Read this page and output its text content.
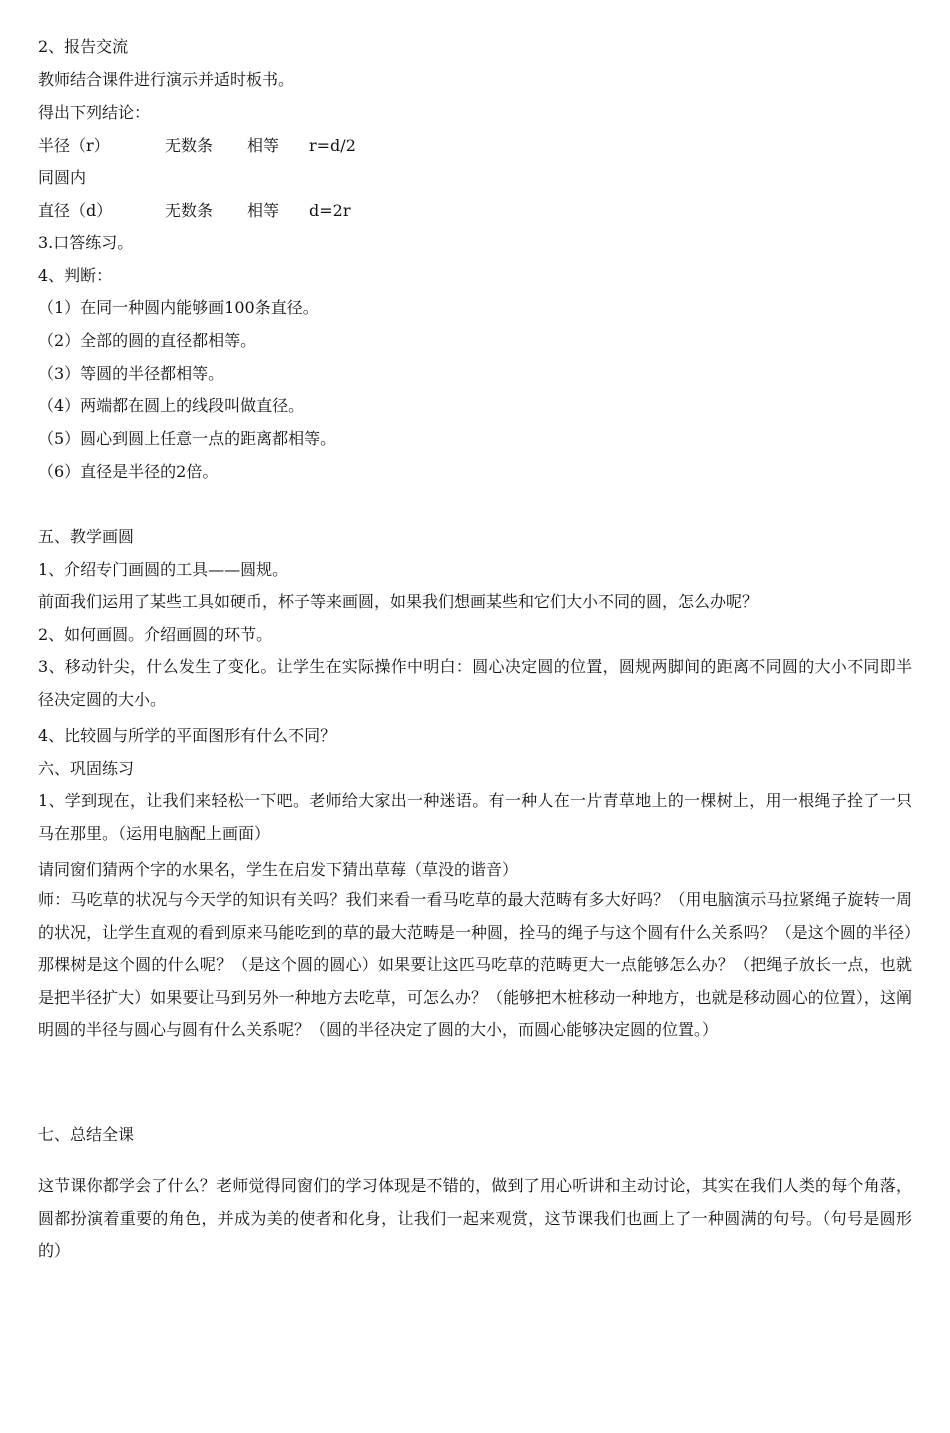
2、报告交流
教师结合课件进行演示并适时板书。
得出下列结论：
半径（r）	无数条 相等 r=d/2
同圆内
直径（d）	无数条 相等 d=2r
3.口答练习。
4、判断：
（1）在同一种圆内能够画100条直径。
（2）全部的圆的直径都相等。
（3）等圆的半径都相等。
（4）两端都在圆上的线段叫做直径。
（5）圆心到圆上任意一点的距离都相等。
（6）直径是半径的2倍。
五、教学画圆
1、介绍专门画圆的工具——圆规。
前面我们运用了某些工具如硬币，杯子等来画圆，如果我们想画某些和它们大小不同的圆，怎么办呢？
2、如何画圆。介绍画圆的环节。

3、移动针尖，什么发生了变化。让学生在实际操作中明白：圆心决定圆的位置，圆规两脚间的距离不同圆的大小不同即半径决定圆的大小。

4、比较圆与所学的平面图形有什么不同？
六、巩固练习

1、学到现在，让我们来轻松一下吧。老师给大家出一种迷语。有一种人在一片青草地上的一棵树上，用一根绳子拴了一只马在那里。（运用电脑配上画面）

请同窗们猜两个字的水果名，学生在启发下猜出草莓（草没的谐音）

师：马吃草的状况与今天学的知识有关吗？我们来看一看马吃草的最大范畴有多大好吗？（用电脑演示马拉紧绳子旋转一周的状况，让学生直观的看到原来马能吃到的草的最大范畴是一种圆，拴马的绳子与这个圆有什么关系吗？（是这个圆的半径）那棵树是这个圆的什么呢？（是这个圆的圆心）如果要让这匹马吃草的范畴更大一点能够怎么办？（把绳子放长一点，也就是把半径扩大）如果要让马到另外一种地方去吃草，可怎么办？（能够把木桩移动一种地方，也就是移动圆心的位置），这阐明圆的半径与圆心与圆有什么关系呢？（圆的半径决定了圆的大小，而圆心能够决定圆的位置。）

七、总结全课

这节课你都学会了什么？老师觉得同窗们的学习体现是不错的，做到了用心听讲和主动讨论，其实在我们人类的每个角落，圆都扮演着重要的角色，并成为美的使者和化身，让我们一起来观赏，这节课我们也画上了一种圆满的句号。（句号是圆形的）
